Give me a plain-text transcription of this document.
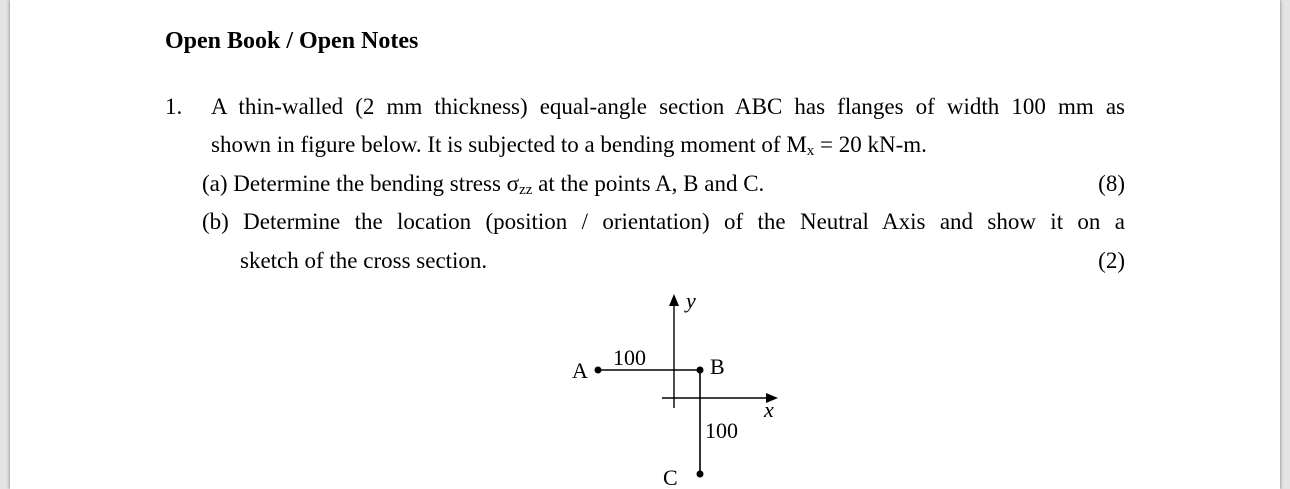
Open Book / Open Notes
1. A thin-walled (2 mm thickness) equal-angle section ABC has flanges of width 100 mm as
shown in figure below. It is subjected to a bending moment of $M_x = 20$ kN-m.
(a) Determine the bending stress $\sigma_{zz}$ at the points A, B and C.	(8)
(b) Determine the location (position / orientation) of the Neutral Axis and show it on a
sketch of the cross section.	(2)
y
x
A	B
C
100
100
